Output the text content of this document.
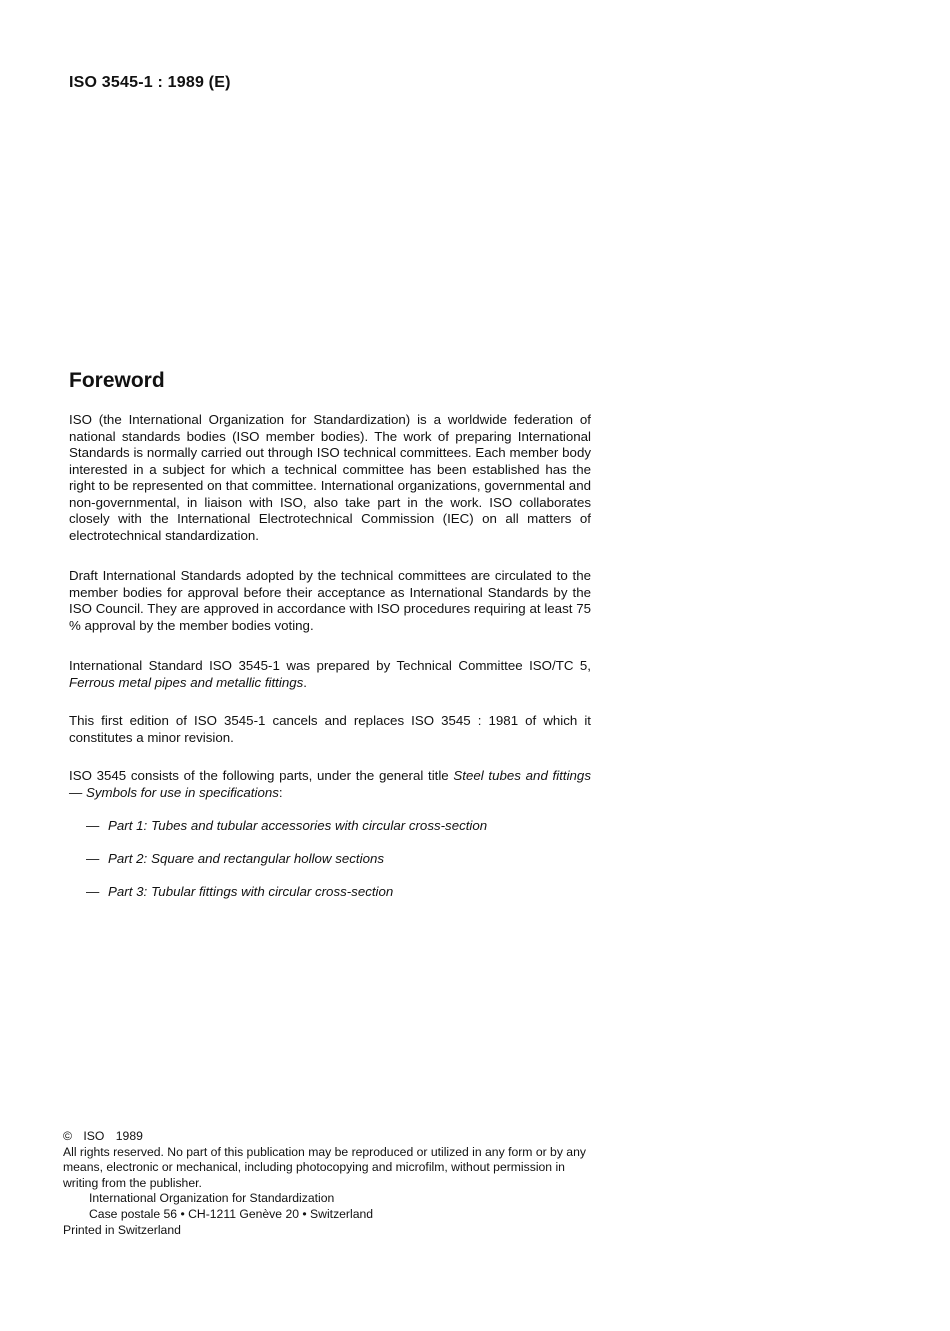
ISO 3545-1 : 1989 (E)
Foreword

ISO (the International Organization for Standardization) is a worldwide federation of national standards bodies (ISO member bodies). The work of preparing International Standards is normally carried out through ISO technical committees. Each member body interested in a subject for which a technical committee has been established has the right to be represented on that committee. International organizations, governmental and non-governmental, in liaison with ISO, also take part in the work. ISO collaborates closely with the International Electrotechnical Commission (IEC) on all matters of electrotechnical standardization.

Draft International Standards adopted by the technical committees are circulated to the member bodies for approval before their acceptance as International Standards by the ISO Council. They are approved in accordance with ISO procedures requiring at least 75 % approval by the member bodies voting.

International Standard ISO 3545-1 was prepared by Technical Committee ISO/TC 5, Ferrous metal pipes and metallic fittings.

This first edition of ISO 3545-1 cancels and replaces ISO 3545 : 1981 of which it constitutes a minor revision.

ISO 3545 consists of the following parts, under the general title Steel tubes and fittings — Symbols for use in specifications:

— Part 1: Tubes and tubular accessories with circular cross-section
— Part 2: Square and rectangular hollow sections
— Part 3: Tubular fittings with circular cross-section

© ISO 1989

All rights reserved. No part of this publication may be reproduced or utilized in any form or by any means, electronic or mechanical, including photocopying and microfilm, without permission in writing from the publisher.

International Organization for Standardization

Case postale 56 • CH-1211 Genève 20 • Switzerland

Printed in Switzerland
